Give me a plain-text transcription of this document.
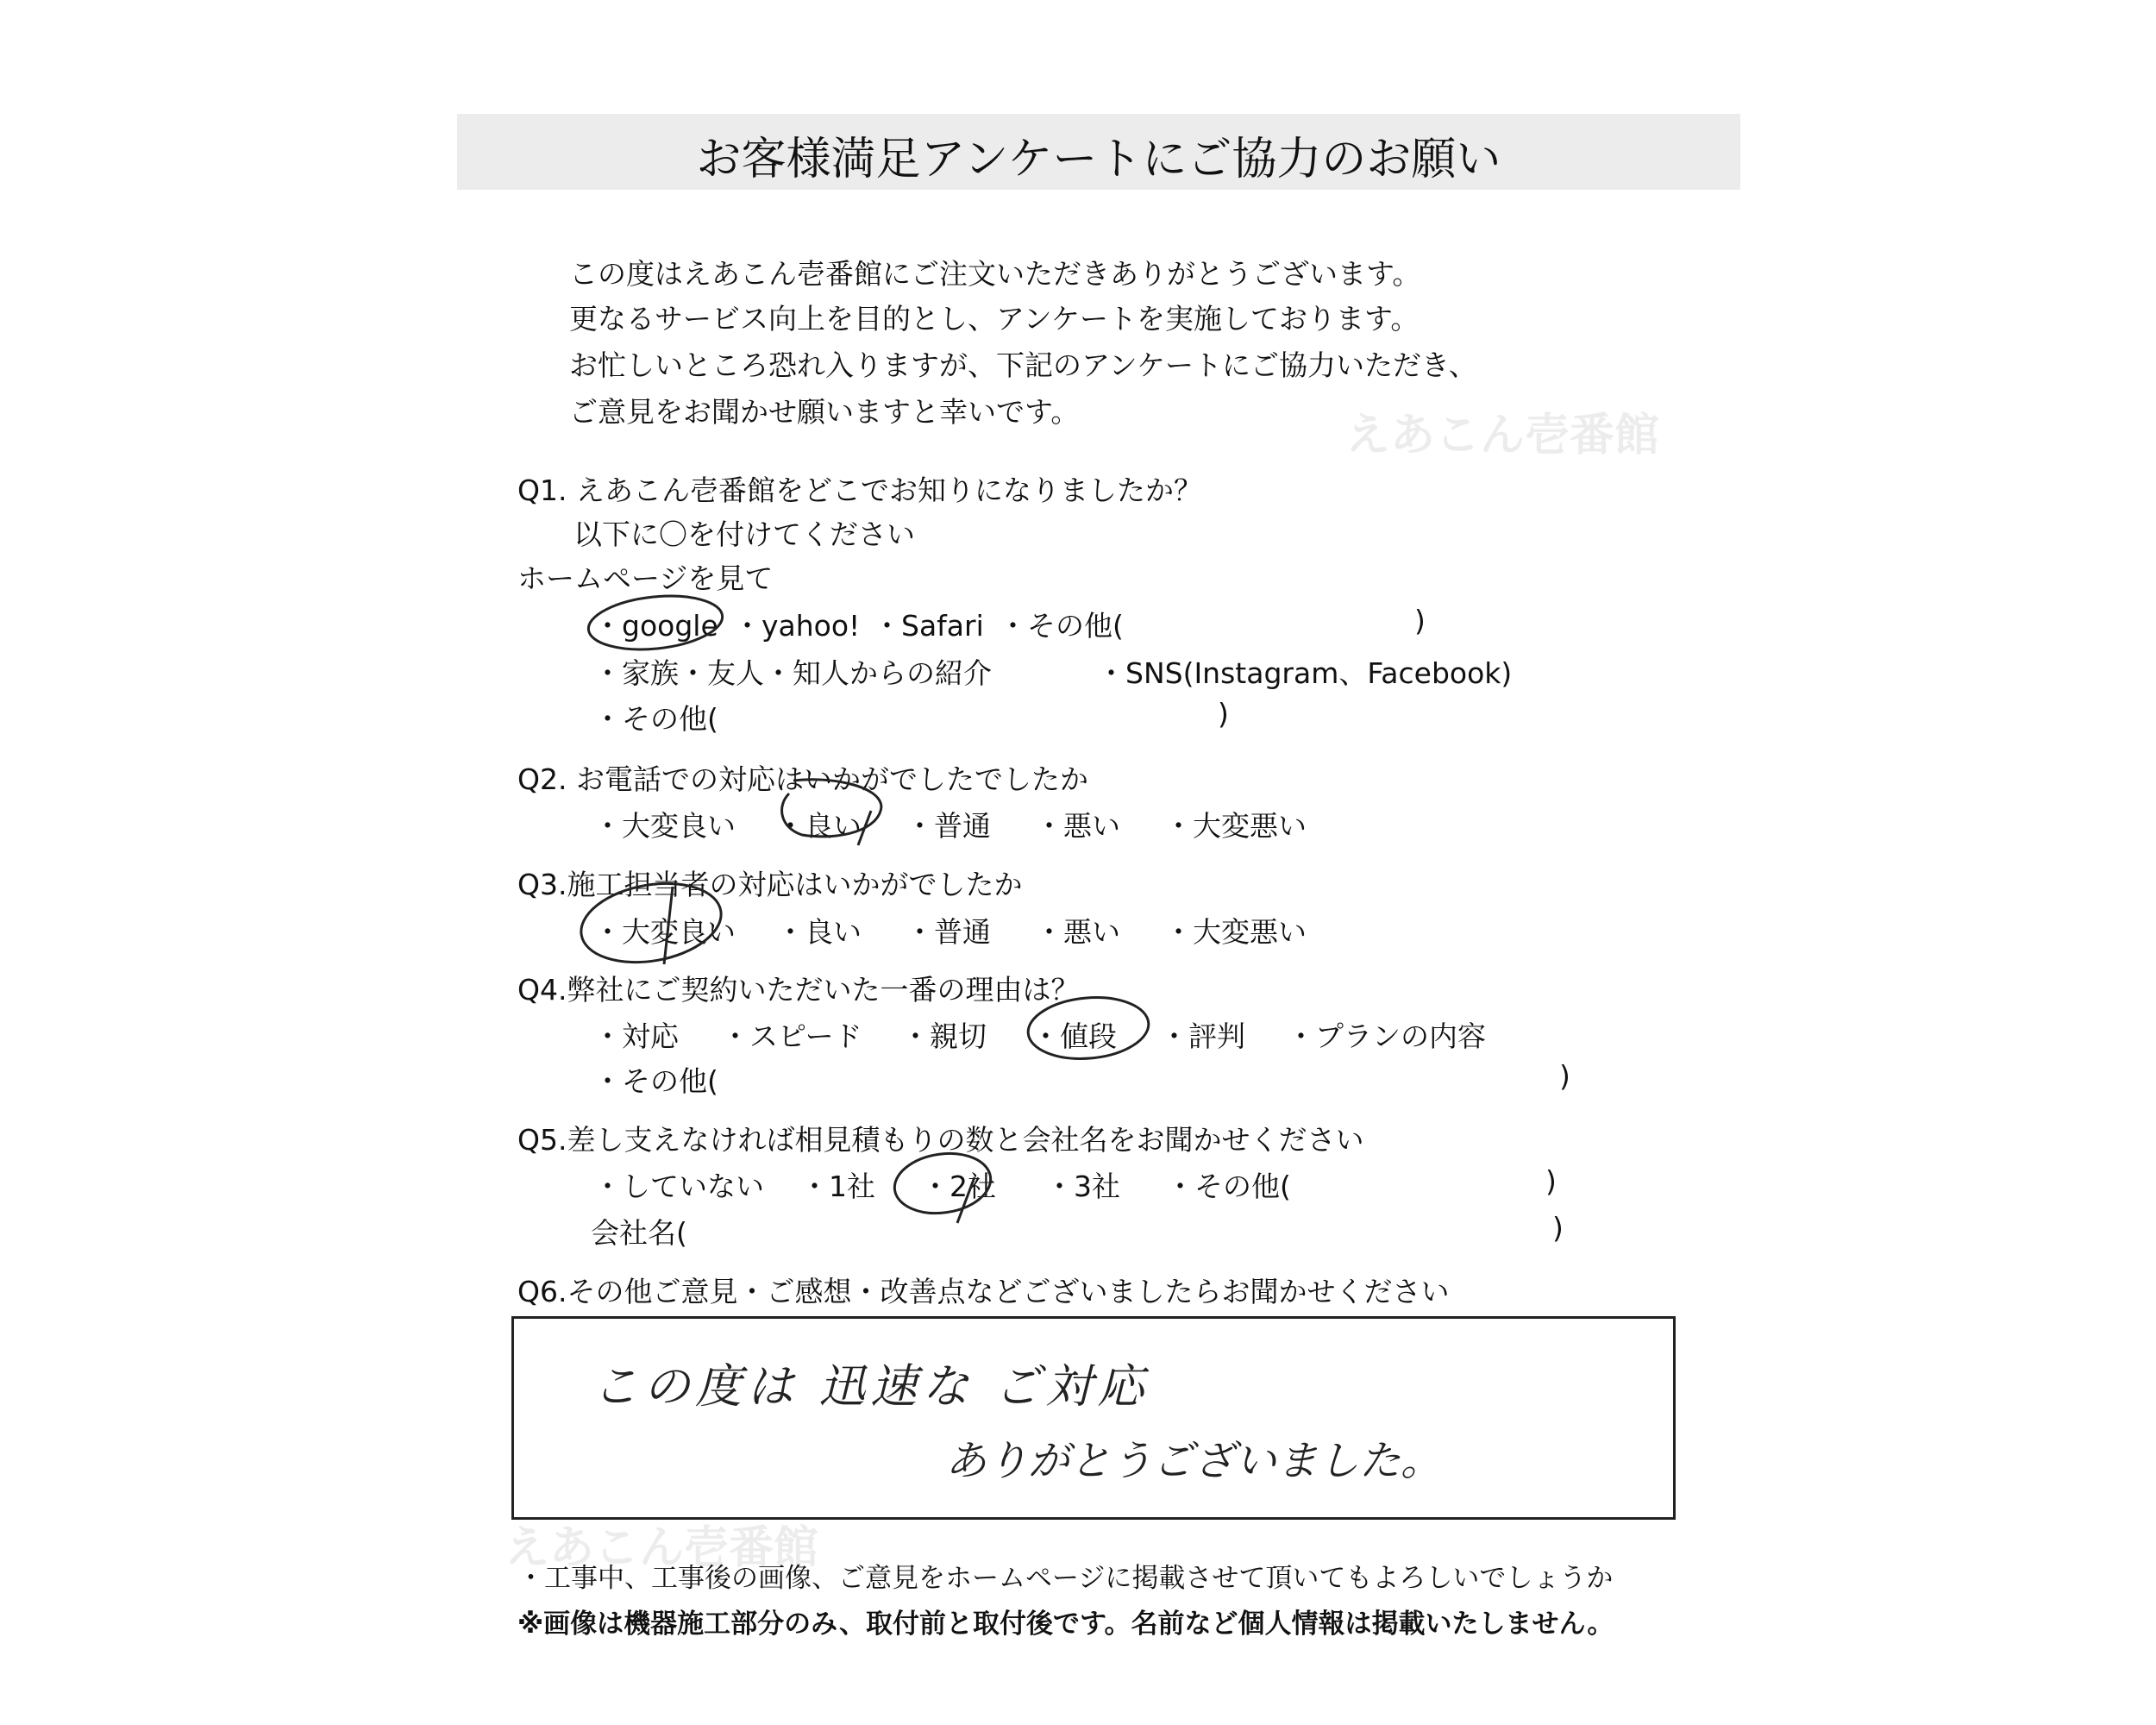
お客様満足アンケートにご協力のお願い
この度はえあこん壱番館にご注文いただきありがとうございます。
更なるサービス向上を目的とし、アンケートを実施しております。
お忙しいところ恐れ入りますが、下記のアンケートにご協力いただき、
ご意見をお聞かせ願いますと幸いです。	えあこん壱番館
Q1. えあこん壱番館をどこでお知りになりましたか？
以下に〇を付けてください
ホームページを見て
・google ・yahoo! ・Safari ・その他(	)
・家族・友人・知人からの紹介	・SNS(Instagram、Facebook)
・その他(	)
Q2. お電話での対応はいかがでしたでしたか
・大変良い ・良い ・普通 ・悪い ・大変悪い
Q3.施工担当者の対応はいかがでしたか
・大変良い ・良い ・普通 ・悪い ・大変悪い
Q4.弊社にご契約いただいた一番の理由は？
・対応 ・スピード ・親切 ・値段 ・評判 ・プランの内容
・その他(	)
Q5.差し支えなければ相見積もりの数と会社名をお聞かせください
・していない ・1社 ・2社 ・3社 ・その他(	)
会社名(	)
Q6.その他ご意見・ご感想・改善点などございましたらお聞かせください
この度は 迅速な ご対応
ありがとうございました。
えあこん壱番館
・工事中、工事後の画像、ご意見をホームページに掲載させて頂いてもよろしいでしょうか
※画像は機器施工部分のみ、取付前と取付後です。名前など個人情報は掲載いたしません。
